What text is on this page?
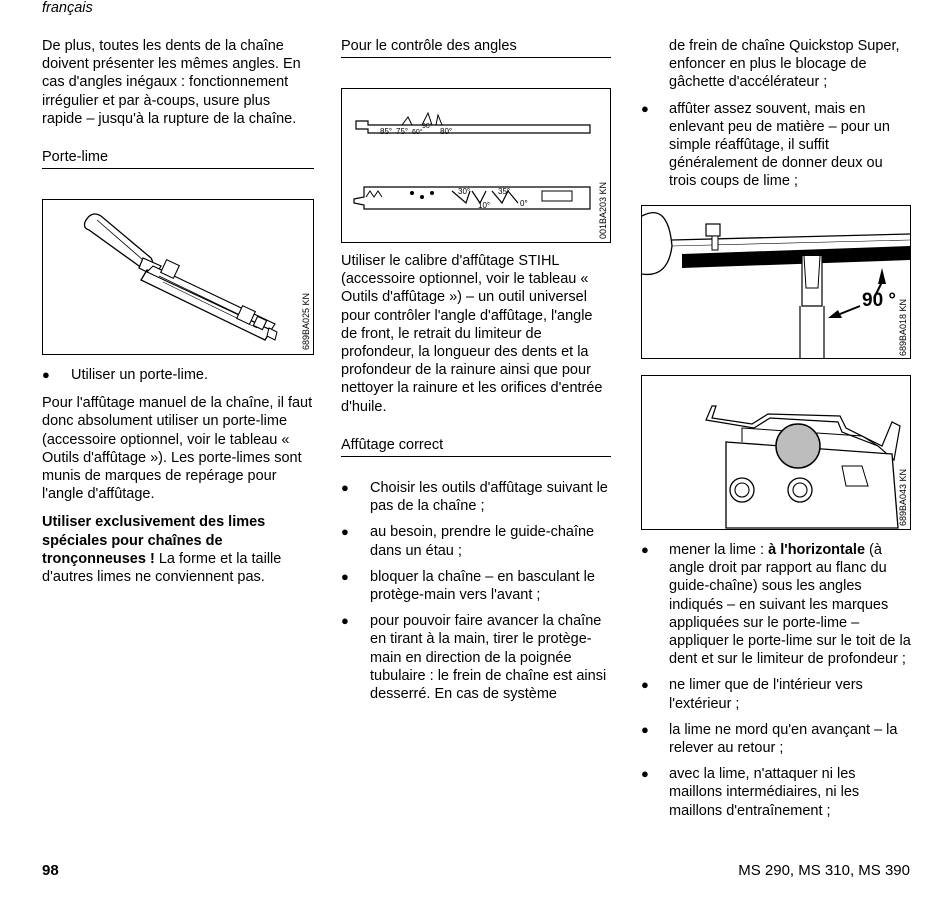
français

De plus, toutes les dents de la chaîne doivent présenter les mêmes angles. En cas d'angles inégaux : fonctionnement irrégulier et par à-coups, usure plus rapide – jusqu'à la rupture de la chaîne.

Porte-lime
689BA025 KN
● Utiliser un porte-lime.

Pour l'affûtage manuel de la chaîne, il faut donc absolument utiliser un porte-lime (accessoire optionnel, voir le tableau « Outils d'affûtage »). Les porte-limes sont munis de marques de repérage pour l'angle d'affûtage.

Utiliser exclusivement des limes spéciales pour chaînes de tronçonneuses ! La forme et la taille d'autres limes ne conviennent pas.

Pour le contrôle des angles
85° 75° 60°
90°
80°
30°
10°
35°
0°	001BA203 KN

Utiliser le calibre d'affûtage STIHL (accessoire optionnel, voir le tableau « Outils d'affûtage ») – un outil universel pour contrôler l'angle d'affûtage, l'angle de front, le retrait du limiteur de profondeur, la longueur des dents et la profondeur de la rainure ainsi que pour nettoyer la rainure et les orifices d'entrée d'huile.

Affûtage correct
● Choisir les outils d'affûtage suivant le pas de la chaîne ;
● au besoin, prendre le guide-chaîne dans un étau ;
● bloquer la chaîne – en basculant le protège-main vers l'avant ;
● pour pouvoir faire avancer la chaîne en tirant à la main, tirer le protège-main en direction de la poignée tubulaire : le frein de chaîne est ainsi desserré. En cas de système

de frein de chaîne Quickstop Super, enfoncer en plus le blocage de gâchette d'accélérateur ;

● affûter assez souvent, mais en enlevant peu de matière – pour un simple réaffûtage, il suffit généralement de donner deux ou trois coups de lime ;
90 ° 689BA018 KN
689BA043 KN
● mener la lime : à l'horizontale (à angle droit par rapport au flanc du guide-chaîne) sous les angles indiqués – en suivant les marques appliquées sur le porte-lime – appliquer le porte-lime sur le toit de la dent et sur le limiteur de profondeur ;
● ne limer que de l'intérieur vers l'extérieur ;
● la lime ne mord qu'en avançant – la relever au retour ;
● avec la lime, n'attaquer ni les maillons intermédiaires, ni les maillons d'entraînement ;
98	MS 290, MS 310, MS 390
